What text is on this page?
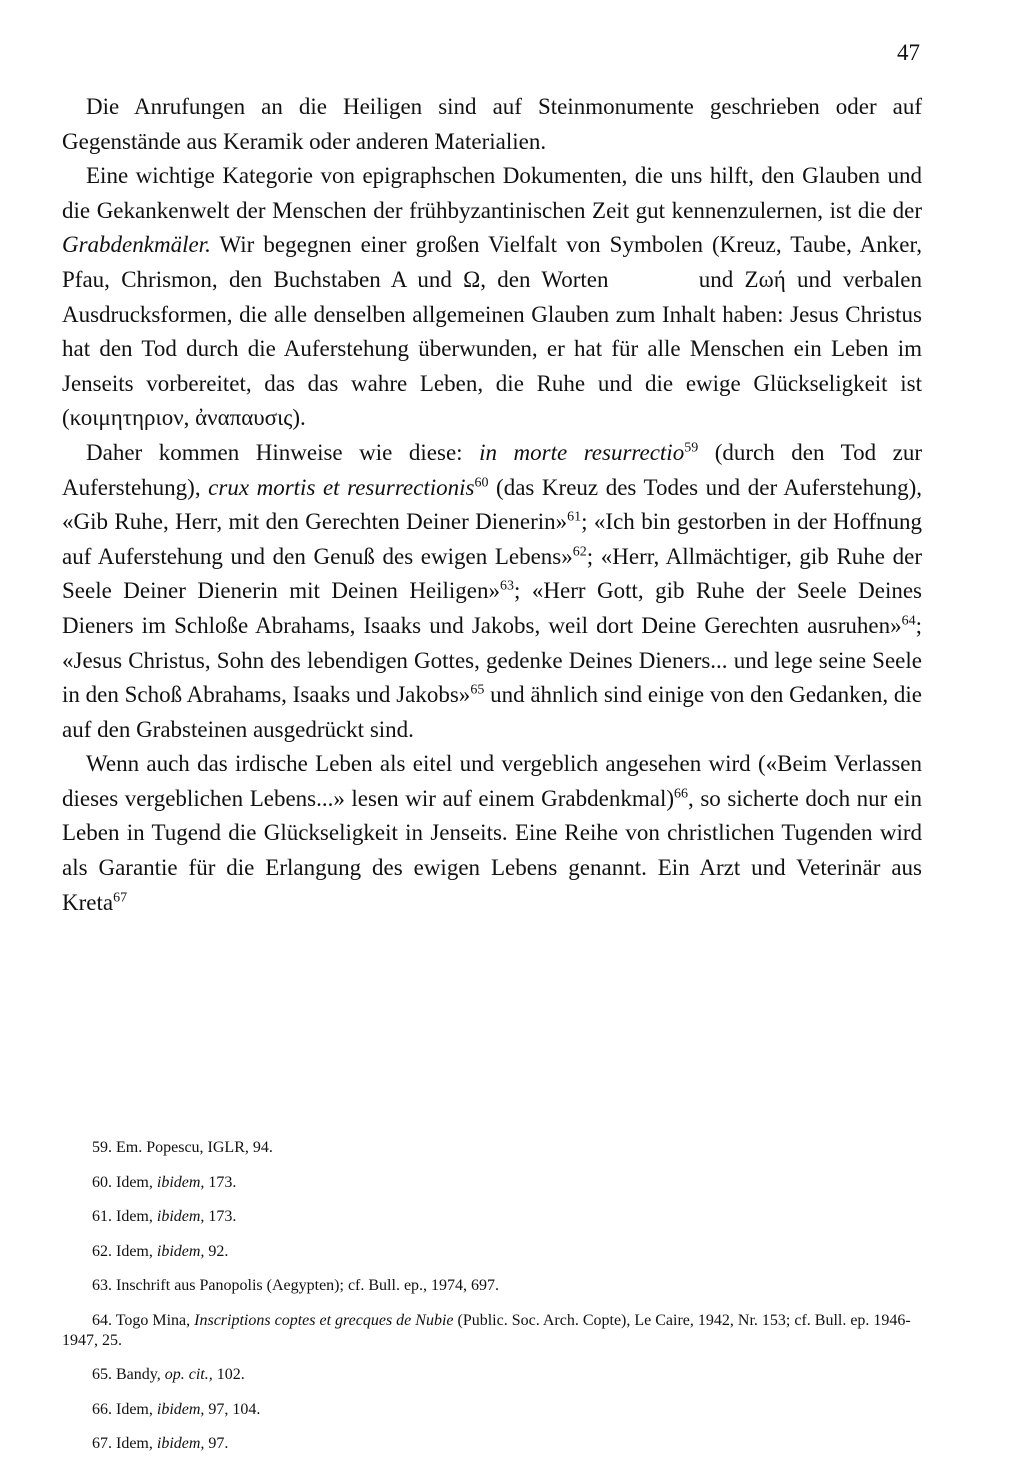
47

Die Anrufungen an die Heiligen sind auf Steinmonumente geschrieben oder auf Gegenstände aus Keramik oder anderen Materialien.

Eine wichtige Kategorie von epigraphschen Dokumenten, die uns hilft, den Glauben und die Gekankenwelt der Menschen der frühbyzantinischen Zeit gut kennenzulernen, ist die der Grabdenkmäler. Wir begegnen einer großen Vielfalt von Symbolen (Kreuz, Taube, Anker, Pfau, Chrismon, den Buchstaben A und Ω, den Worten        und Ζωή und verbalen Ausdrucksformen, die alle denselben allgemeinen Glauben zum Inhalt haben: Jesus Christus hat den Tod durch die Auferstehung überwunden, er hat für alle Menschen ein Leben im Jenseits vorbereitet, das das wahre Leben, die Ruhe und die ewige Glückseligkeit ist (κοιμητηριον, ἀναπαυσις).

Daher kommen Hinweise wie diese: in morte resurrectio$^{59}$ (durch den Tod zur Auferstehung), crux mortis et resurrectionis$^{60}$ (das Kreuz des Todes und der Auferstehung), «Gib Ruhe, Herr, mit den Gerechten Deiner Dienerin»$^{61}$; «Ich bin gestorben in der Hoffnung auf Auferstehung und den Genuß des ewigen Lebens»$^{62}$; «Herr, Allmächtiger, gib Ruhe der Seele Deiner Dienerin mit Deinen Heiligen»$^{63}$; «Herr Gott, gib Ruhe der Seele Deines Dieners im Schloße Abrahams, Isaaks und Jakobs, weil dort Deine Gerechten ausruhen»$^{64}$; «Jesus Christus, Sohn des lebendigen Gottes, gedenke Deines Dieners... und lege seine Seele in den Schoß Abrahams, Isaaks und Jakobs»$^{65}$ und ähnlich sind einige von den Gedanken, die auf den Grabsteinen ausgedrückt sind.

Wenn auch das irdische Leben als eitel und vergeblich angesehen wird («Beim Verlassen dieses vergeblichen Lebens...» lesen wir auf einem Grabdenkmal)$^{66}$, so sicherte doch nur ein Leben in Tugend die Glückseligkeit in Jenseits. Eine Reihe von christlichen Tugenden wird als Garantie für die Erlangung des ewigen Lebens genannt. Ein Arzt und Veterinär aus Kreta$^{67}$

59. Em. Popescu, IGLR, 94.

60. Idem, ibidem, 173.

61. Idem, ibidem, 173.

62. Idem, ibidem, 92.

63. Inschrift aus Panopolis (Aegypten); cf. Bull. ep., 1974, 697.

64. Togo Mina, Inscriptions coptes et grecques de Nubie (Public. Soc. Arch. Copte), Le Caire, 1942, Nr. 153; cf. Bull. ep. 1946-1947, 25.

65. Bandy, op. cit., 102.

66. Idem, ibidem, 97, 104.

67. Idem, ibidem, 97.
